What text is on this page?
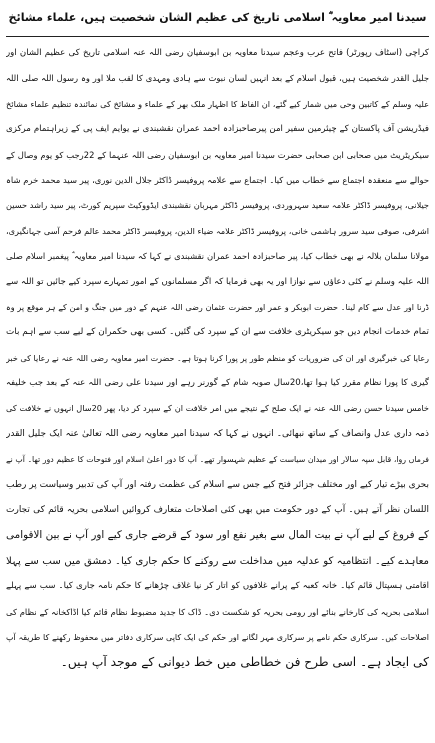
سیدنا امیر معاویہ ؓ اسلامی تاریخ کی عظیم الشان شخصیت ہیں، علماء مشائخ
کراچی (اسٹاف رپورٹر) فاتح عرب وعجم سیدنا معاویہ بن ابوسفیان رضی اللہ عنہ اسلامی تاریخ کی عظیم الشان اور
جلیل القدر شخصیت ہیں، قبول اسلام کے بعد انہیں لسان نبوت سے ہادی ومہدی کا لقب ملا اور وہ رسول اللہ صلی اللہ
علیہ وسلم کے کاتبین وحی میں شمار کیے گئے، ان الفاظ کا اظہار ملک بھر کے علماء و مشائخ کی نمائندہ تنظیم علماء مشائخ
فیڈریشن آف پاکستان کے چیئرمین سفیر امن پیرصاحبزادہ احمد عمران نقشبندی نے یوایم ایف پی کے زیراہتمام مرکزی
سیکریٹریٹ میں صحابی ابن صحابی حضرت سیدنا امیر معاویہ بن ابوسفیان رضی اللہ عنہما کے 22رجب کو یوم وصال کے
حوالے سے منعقدہ اجتماع سے خطاب میں کیا۔ اجتماع سے علامہ پروفیسر ڈاکٹر جلال الدین نوری، پیر سید محمد خرم شاہ
جیلانی، پروفیسر ڈاکٹر علامہ سعید سہروردی، پروفیسر ڈاکٹر مہربان نقشبندی ایڈووکیٹ سپریم کورٹ، پیر سید راشد حسین
اشرفی، صوفی سید سرور ہاشمی خانی، پروفیسر ڈاکٹر علامہ ضیاء الدین، پروفیسر ڈاکٹر محمد عالم فرحم آسی جہانگیری،
مولانا سلمان بلالہ نے بھی خطاب کیا، پیر صاحبزادہ احمد عمران نقشبندی نے کہا کہ سیدنا امیر معاویہ ؓ پیغمبر اسلام صلی
اللہ علیہ وسلم نے کئی دعاؤں سے نوازا اور یہ بھی فرمایا کہ اگر مسلمانوں کے امور تمہارے سپرد کیے جائیں تو اللہ سے
ڈرنا اور عدل سے کام لینا۔ حضرت ابوبکر و عمر اور حضرت عثمان رضی اللہ عنہم کے دور میں جنگ و امن کے ہر موقع پر وہ
تمام خدمات انجام دیں جو سیکریٹری خلافت سے ان کے سپرد کی گئیں۔ کسی بھی حکمران کے لیے سب سے اہم بات
رعایا کی خبرگیری اور ان کی ضروریات کو منظم طور پر پورا کرنا ہوتا ہے۔ حضرت امیر معاویہ رضی اللہ عنہ نے رعایا کی خبر
گیری کا پورا نظام مقرر کیا ہوا تھا،20سال صوبہ شام کے گورنر رہے اور سیدنا علی رضی اللہ عنہ کے بعد جب خلیفہ
خامس سیدنا حسن رضی اللہ عنہ نے ایک صلح کے نتیجے میں امر خلافت ان کے سپرد کر دیا، پھر 20سال انہوں نے خلافت کی
ذمہ داری عدل وانصاف کے ساتھ نبھائی۔ انہوں نے کہا کہ سیدنا امیر معاویہ رضی اللہ تعالیٰ عنہ ایک جلیل القدر
فرماں روا، قابل سپہ سالار اور میدان سیاست کے عظیم شہسوار تھے۔ آپ کا دور اعلیٰ اسلام اور فتوحات کا عظیم دور تھا۔ آپ نے
بحری بیڑے تیار کیے اور مختلف جزائر فتح کیے جس سے اسلام کی عظمت رفتہ اور آپ کی تدبیر وسیاست پر رطب
اللسان نظر آتے ہیں۔ آپ کے دور حکومت میں بھی کئی اصلاحات متعارف کروائیں اسلامی بحریہ قائم کی تجارت
کے فروغ کے لیے آپ نے بیت المال سے بغیر نفع اور سود کے قرضے جاری کیے اور آپ نے بین الاقوامی
معاہدے کیے۔ انتظامیہ کو عدلیہ میں مداخلت سے روکنے کا حکم جاری کیا۔ دمشق میں سب سے پہلا
اقامتی ہسپتال قائم کیا۔ خانہ کعبہ کے پرانے غلافوں کو اتار کر نیا غلاف چڑھانے کا حکم نامہ جاری کیا۔ سب سے پہلے
اسلامی بحریہ کی کارخانے بنائے اور رومی بحریہ کو شکست دی۔ ڈاک کا جدید مضبوط نظام قائم کیا اڈاکخانہ کے نظام کی
اصلاحات کیں۔ سرکاری حکم نامے پر سرکاری مہر لگانے اور حکم کی ایک کاپی سرکاری دفاتر میں محفوظ رکھنے کا طریقہ آپ
کی ایجاد ہے۔ اسی طرح فن خطاطی میں خط دیوانی کے موجد آپ ہیں۔
